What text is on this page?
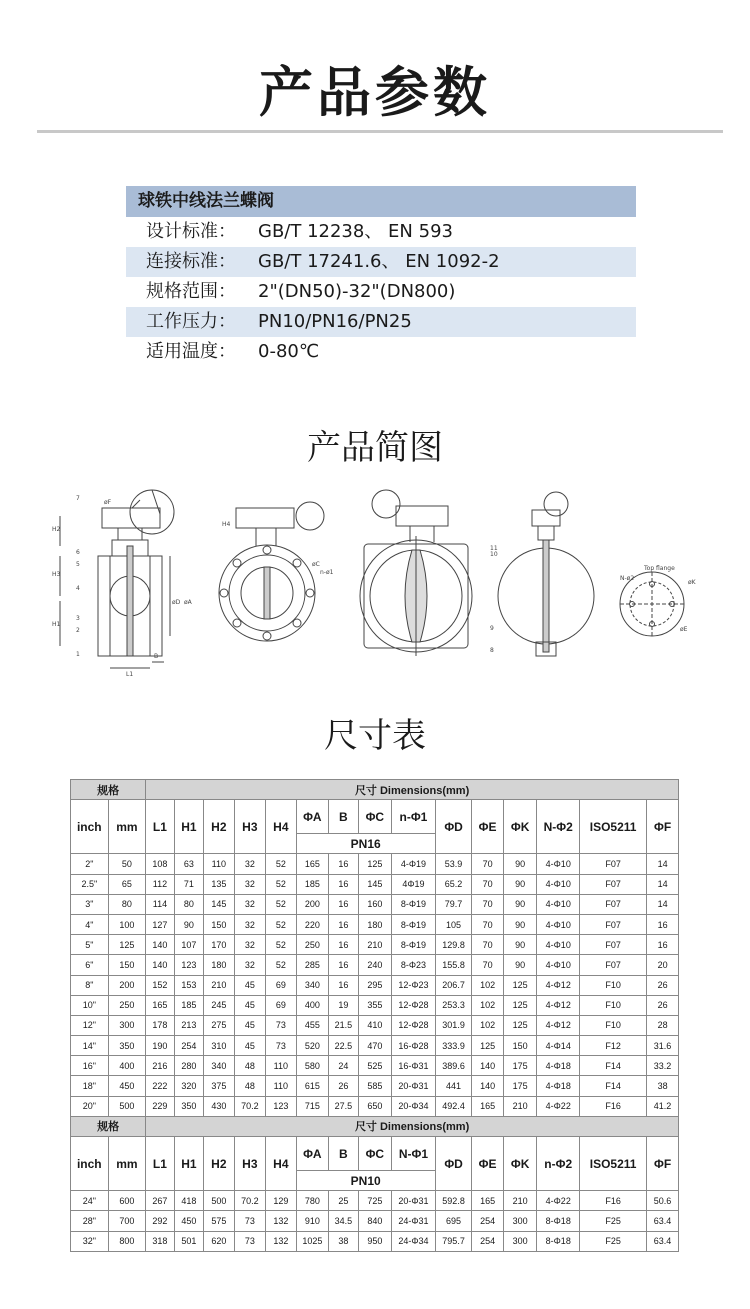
产品参数
球铁中线法兰蝶阀
设计标准：	GB/T 12238、 EN 593
连接标准：	GB/T 17241.6、 EN 1092-2
规格范围：	2"(DN50)-32"(DN800)
工作压力：	PN10/PN16/PN25
适用温度：	0-80℃
产品简图
H2
H3
H1
L1
B
øF
øD øA
7
6
5
4
3
2
1
H4
øC
n-ø1
11
10
9
8
Top flange
N-ø2
øK
øE
尺寸表
规格		尺寸 Dimensions(mm)														
inch	mm	L1	H1	H2	H3	H4	ΦA	B	ΦC	n-Φ1	ΦD	ΦE	ΦK	N-Φ2	ISO5211	ΦF
							PN16									
2"	50	108	63	110	32	52	165	16	125	4-Φ19	53.9	70	90	4-Φ10	F07	14
2.5"	65	112	71	135	32	52	185	16	145	4Φ19	65.2	70	90	4-Φ10	F07	14
3"	80	114	80	145	32	52	200	16	160	8-Φ19	79.7	70	90	4-Φ10	F07	14
4"	100	127	90	150	32	52	220	16	180	8-Φ19	105	70	90	4-Φ10	F07	16
5"	125	140	107	170	32	52	250	16	210	8-Φ19	129.8	70	90	4-Φ10	F07	16
6"	150	140	123	180	32	52	285	16	240	8-Φ23	155.8	70	90	4-Φ10	F07	20
8"	200	152	153	210	45	69	340	16	295	12-Φ23	206.7	102	125	4-Φ12	F10	26
10"	250	165	185	245	45	69	400	19	355	12-Φ28	253.3	102	125	4-Φ12	F10	26
12"	300	178	213	275	45	73	455	21.5	410	12-Φ28	301.9	102	125	4-Φ12	F10	28
14"	350	190	254	310	45	73	520	22.5	470	16-Φ28	333.9	125	150	4-Φ14	F12	31.6
16"	400	216	280	340	48	110	580	24	525	16-Φ31	389.6	140	175	4-Φ18	F14	33.2
18"	450	222	320	375	48	110	615	26	585	20-Φ31	441	140	175	4-Φ18	F14	38
20"	500	229	350	430	70.2	123	715	27.5	650	20-Φ34	492.4	165	210	4-Φ22	F16	41.2
规格		尺寸 Dimensions(mm)														
inch	mm	L1	H1	H2	H3	H4	ΦA	B	ΦC	N-Φ1	ΦD	ΦE	ΦK	n-Φ2	ISO5211	ΦF
							PN10									
24"	600	267	418	500	70.2	129	780	25	725	20-Φ31	592.8	165	210	4-Φ22	F16	50.6
28"	700	292	450	575	73	132	910	34.5	840	24-Φ31	695	254	300	8-Φ18	F25	63.4
32"	800	318	501	620	73	132	1025	38	950	24-Φ34	795.7	254	300	8-Φ18	F25	63.4
